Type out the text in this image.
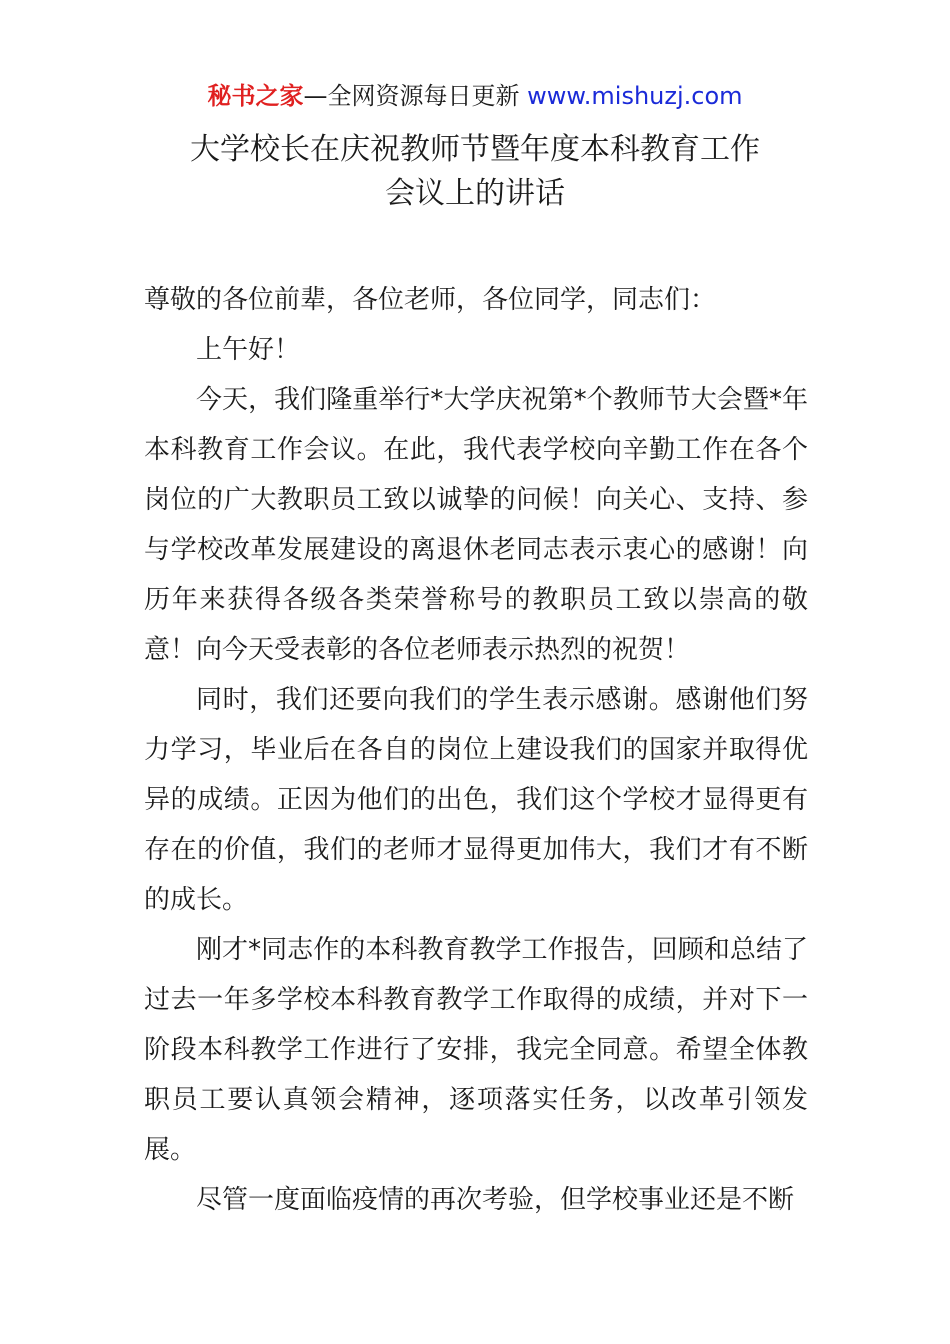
秘书之家—全网资源每日更新 www.mishuzj.com
大学校长在庆祝教师节暨年度本科教育工作
会议上的讲话

尊敬的各位前辈，各位老师，各位同学，同志们：

上午好！

今天，我们隆重举行*大学庆祝第*个教师节大会暨*年本科教育工作会议。在此，我代表学校向辛勤工作在各个岗位的广大教职员工致以诚挚的问候！向关心、支持、参与学校改革发展建设的离退休老同志表示衷心的感谢！向历年来获得各级各类荣誉称号的教职员工致以崇高的敬意！向今天受表彰的各位老师表示热烈的祝贺！

同时，我们还要向我们的学生表示感谢。感谢他们努力学习，毕业后在各自的岗位上建设我们的国家并取得优异的成绩。正因为他们的出色，我们这个学校才显得更有存在的价值，我们的老师才显得更加伟大，我们才有不断的成长。

刚才*同志作的本科教育教学工作报告，回顾和总结了过去一年多学校本科教育教学工作取得的成绩，并对下一阶段本科教学工作进行了安排，我完全同意。希望全体教职员工要认真领会精神，逐项落实任务，以改革引领发展。

尽管一度面临疫情的再次考验，但学校事业还是不断
